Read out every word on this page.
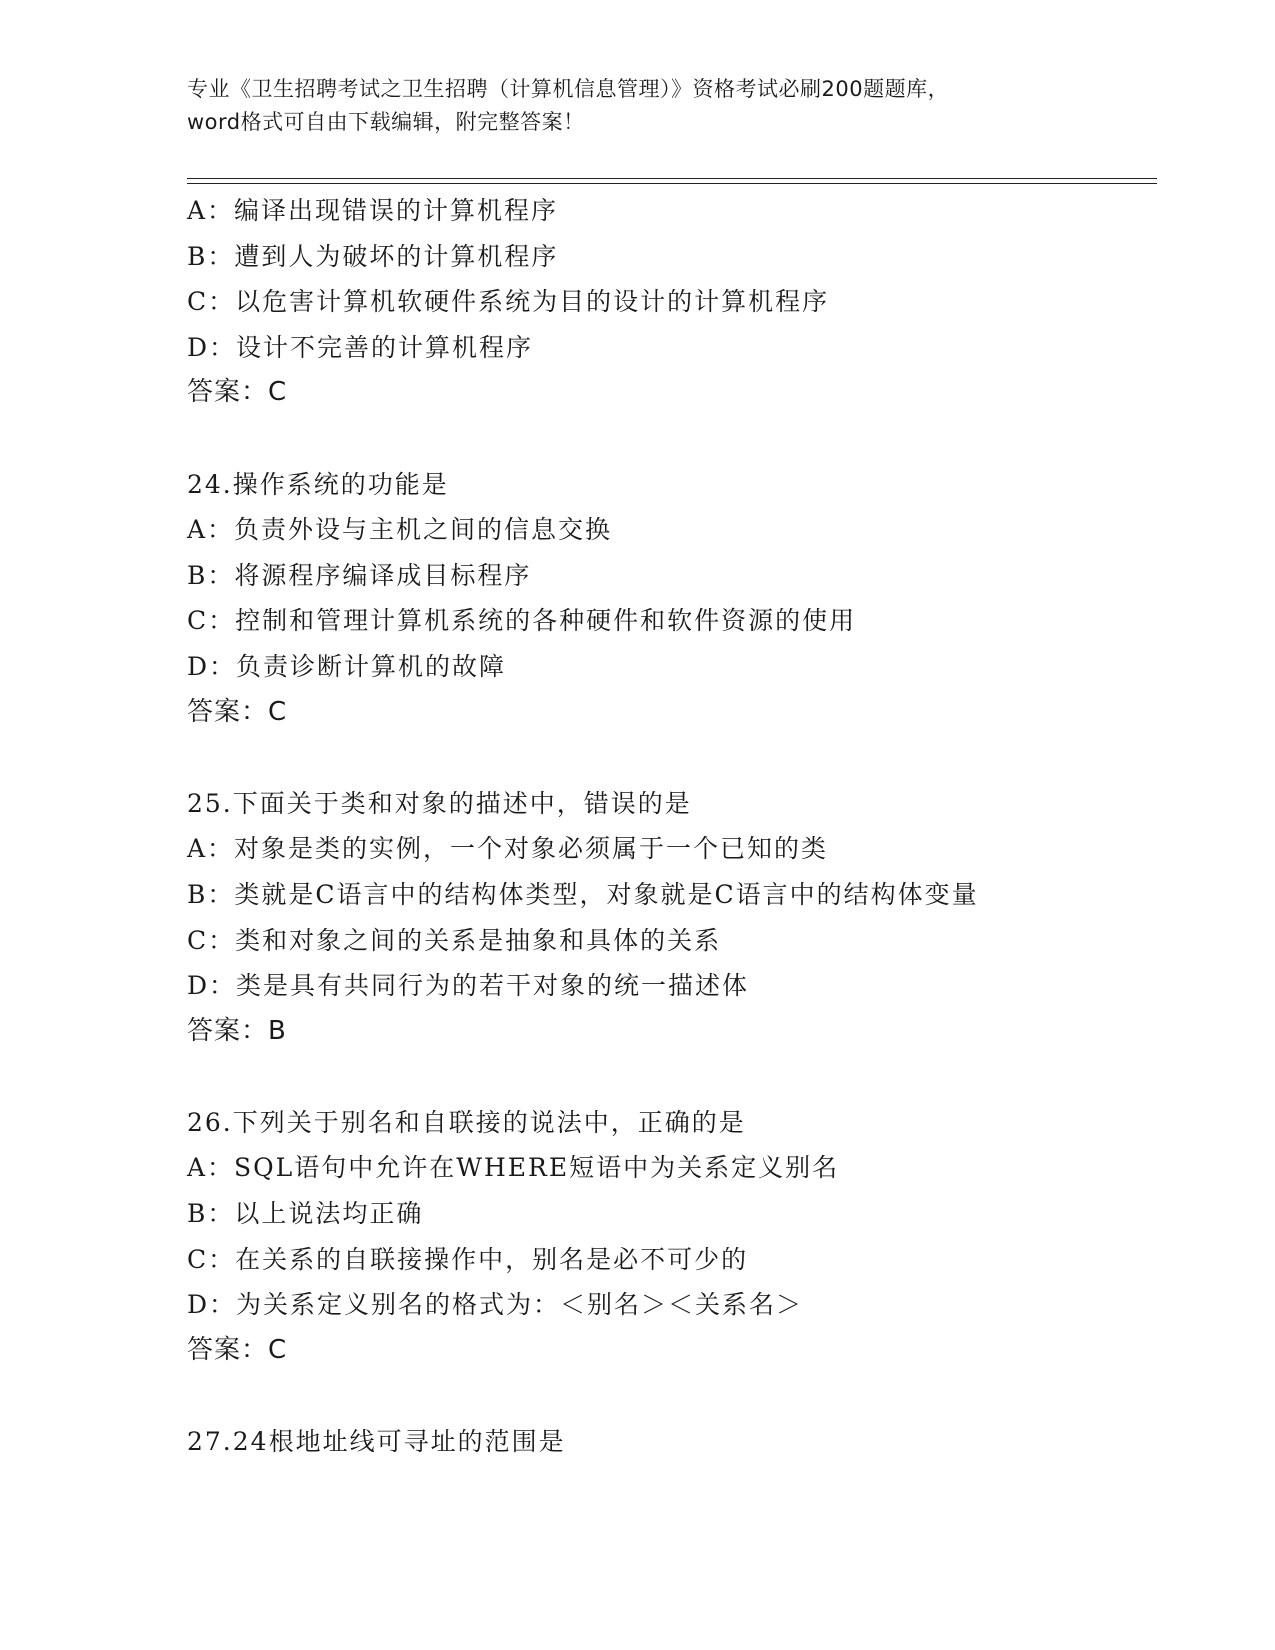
专业《卫生招聘考试之卫生招聘（计算机信息管理）》资格考试必刷200题题库，
word格式可自由下载编辑，附完整答案！
A：编译出现错误的计算机程序
B：遭到人为破坏的计算机程序
C：以危害计算机软硬件系统为目的设计的计算机程序
D：设计不完善的计算机程序
答案：C
24.操作系统的功能是
A：负责外设与主机之间的信息交换
B：将源程序编译成目标程序
C：控制和管理计算机系统的各种硬件和软件资源的使用
D：负责诊断计算机的故障
答案：C
25.下面关于类和对象的描述中，错误的是
A：对象是类的实例，一个对象必须属于一个已知的类
B：类就是C语言中的结构体类型，对象就是C语言中的结构体变量
C：类和对象之间的关系是抽象和具体的关系
D：类是具有共同行为的若干对象的统一描述体
答案：B
26.下列关于别名和自联接的说法中，正确的是
A：SQL语句中允许在WHERE短语中为关系定义别名
B：以上说法均正确
C：在关系的自联接操作中，别名是必不可少的
D：为关系定义别名的格式为：＜别名＞＜关系名＞
答案：C
27.24根地址线可寻址的范围是
